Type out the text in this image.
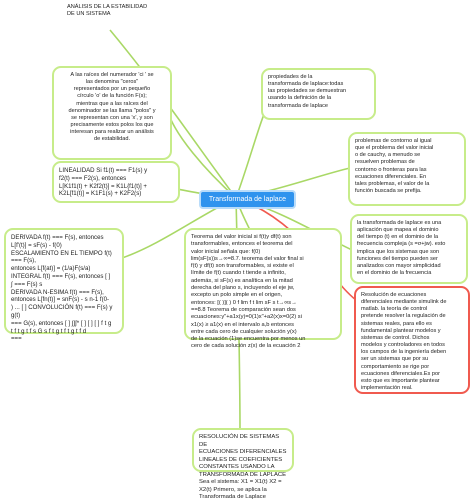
ANÁLISIS DE LA ESTABILIDAD
DE UN SISTEMA
A las raíces del numerador 'ci ' se
las denomina "ceros"
representados por un pequeño
círculo 'o' de la función F(s);
mientras que a las raíces del
denominador se las llama "polos" y
se representan con una 'x', y son
precisamente estos polos los que
interesan para realizar un análisis
de estabilidad.
LINEALIDAD Si f1(t) === F1(s) y
f2(t) === F2(s), entonces
L[K1f1(t) + K2f2(t)] = K1L{f1(t)] +
K2L[f1(t)] = K1F1(s) + K2F2(s)
DERIVADA f(t) === F(s), entonces
L[f'(t)] = sF(s) - f(0)
ESCALAMIENTO EN EL TIEMPO f(t) === F(s),
entonces L[f(at)] = (1/a)F(s/a)
INTEGRAL f(t) === F(s), entonces [ ]
∫ === F(s) s
DERIVADA N-ESIMA f(t) === F(s),
entonces L[fn(t)] = snF(s) - s n-1 f(0-
) ... [ ] CONVOLUCIÓN f(t) === F(s) y g(t)
=== G(s), entonces [ ] ∫∫∫* [ ] [ ] [ ] f t g
t f t g t f s G s f t g t f t g t f d
===
propiedades de la
transformada de laplace:todas
las propiedades se demuestran
usando la definición de la
transformada de laplace
problemas de contorno al igual
que el problema del valor inicial
o de cauchy, a menudo se
resuelven problemas de
contorno o fronteras para las
ecuaciones diferenciales. En
tales problemas, el valor de la
función buscada se prefija.
Transformada de laplace
la transformada de laplace es una
aplicación que mapea el dominio
del tiempo (t) en el dominio de la
frecuencia compleja (s =σ+jw). esto
implica que los sistemas que son
funciones del tiempo pueden ser
analizados con mayor simplicidad
en el dominio de la frecuencia
Resolución de ecuaciones
diferenciales mediante simulink de
matlab. la teoría de control
pretende resolver la regulación de
sistemas reales, para ello es
fundamental plantear modelos y
sistemas de control. Dichos
modelos y controladores en todos
los campos de la ingeniería deben
ser un sistemas que por su
comportamiento se rige por
ecuaciones diferenciales.Es por
esto que es importante plantear
implementación real.
Teorema del valor inicial si f(t)y df(t) son
transformables, entonces el teorema del
valor inicial señala que: f(0)
lim(sF(s))s→∞=8.7. teorema del valor final si
f(t) y df(t) son transformables, si existe el
límite de f(t) cuando t tiende a infinito,
además, si sF(s) es analítica en la mitad
derecha del plano s, incluyendo el eje jw,
excepto un polo simple en el origen,
entonces: [( )]( ) 0 f lim f t lim sF s t→∞s→
==8.8 Teorema de comparación sean dos
ecuaciones:y"+a1x(y)=0(1)x"+a2(x)x=0(2) si
x1(x) ≥ a1(x) en el intervalo a,b entonces
entre cada cero de cualquier solución y(x)
de la ecuación (1)se encuentra por menos un
cero de cada solución z(x) de la ecuación 2
RESOLUCIÓN DE SISTEMAS DE
ECUACIONES DIFERENCIALES
LINEALES DE COEFICIENTES
CONSTANTES USANDO LA
TRANSFORMADA DE LAPLACE
Sea el sistema: X1 = X1(t) X2 =
X2(t) Primero, se aplica la
Transformada de Laplace
